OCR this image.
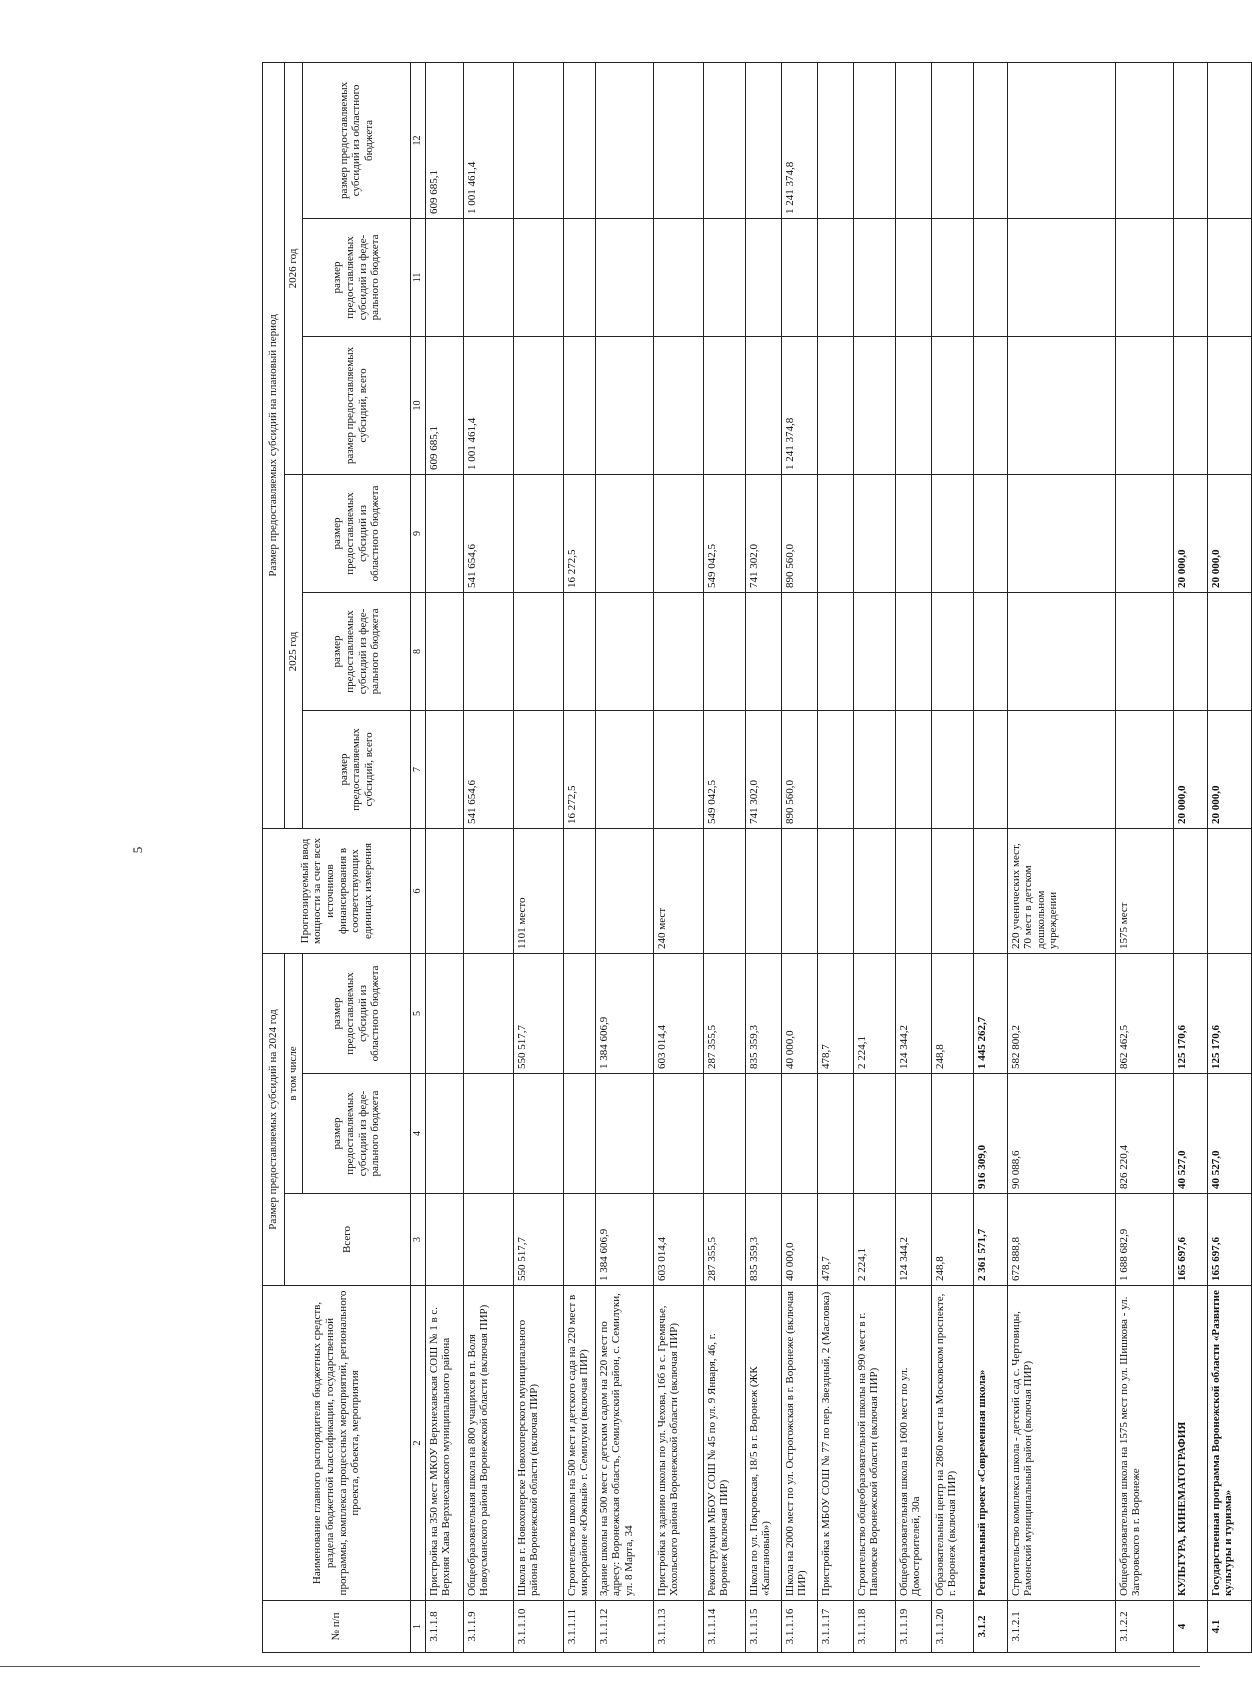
5
№ п/п	Наименование главного распорядителя бюджетных средств, раздела бюджетной классификации, государственной программы, комплекса процессных мероприятий, регионального проекта, объекта, мероприятия	Размер предоставляемых субсидий на 2024 год			Прогнозируемый ввод мощности за счет всех источников финансирования в соответствующих единицах измерения	Размер предоставляемых субсидий на плановый период					
		Всего	в том числе			2025 год			2026 год		
			размер предоставляемых субсидий из феде-рального бюджета	размер предоставляемых субсидий из областного бюджета		размер предоставляемых субсидий, всего	размер предоставляемых субсидий из феде-рального бюджета	размер предоставляемых субсидий из областного бюджета	размер предоставляемых субсидий, всего	размер предоставляемых субсидий из феде-рального бюджета	размер предоставляемых субсидий из областного бюджета
1	2	3	4	5	6	7	8	9	10	11	12
3.1.1.8	Пристройка на 350 мест МКОУ Верхнехавская СОШ № 1 в с. Верхняя Хава Верхнехавского муниципального района								609 685,1		609 685,1
3.1.1.9	Общеобразовательная школа на 800 учащихся в п. Воля Новоусманского района Воронежской области (включая ПИР)					541 654,6		541 654,6	1 001 461,4		1 001 461,4
3.1.1.10	Школа в г. Новохоперске Новохоперского муниципального района Воронежской области (включая ПИР)	550 517,7		550 517,7	1101 место						
3.1.1.11	Строительство школы на 500 мест и детского сада на 220 мест в микрорайоне «Южный» г. Семилуки (включая ПИР)					16 272,5		16 272,5			
3.1.1.12	Здание школы на 500 мест с детским садом на 220 мест по адресу: Воронежская область, Семилукский район, с. Семилуки, ул. 8 Марта, 34	1 384 606,9		1 384 606,9							
3.1.1.13	Пристройка к зданию школы по ул. Чехова, 16б в с. Гремячье, Хохольского района Воронежской области (включая ПИР)	603 014,4		603 014,4	240 мест						
3.1.1.14	Реконструкция МБОУ СОШ № 45 по ул. 9 Января, 46, г. Воронеж (включая ПИР)	287 355,5		287 355,5		549 042,5		549 042,5			
3.1.1.15	Школа по ул. Покровская, 18/5 в г. Воронеж (ЖК «Каштановый»)	835 359,3		835 359,3		741 302,0		741 302,0			
3.1.1.16	Школа на 2000 мест по ул. Острогожская в г. Воронеже (включая ПИР)	40 000,0		40 000,0		890 560,0		890 560,0	1 241 374,8		1 241 374,8
3.1.1.17	Пристройка к МБОУ СОШ № 77 по пер. Звездный, 2 (Масловка)	478,7		478,7							
3.1.1.18	Строительство общеобразовательной школы на 990 мест в г. Павловске Воронежской области (включая ПИР)	2 224,1		2 224,1							
3.1.1.19	Общеобразовательная школа на 1600 мест по ул. Домостроителей, 30а	124 344,2		124 344,2							
3.1.1.20	Образовательный центр на 2860 мест на Московском проспекте, г. Воронеж (включая ПИР)	248,8		248,8							
3.1.2	Региональный проект «Современная школа»	2 361 571,7	916 309,0	1 445 262,7							
3.1.2.1	Строительство комплекса школа - детский сад с. Чертовицы, Рамонский муниципальный район (включая ПИР)	672 888,8	90 088,6	582 800,2	220 ученических мест, 70 мест в детском дошкольном учреждении						
3.1.2.2	Общеобразовательная школа на 1575 мест по ул. Шишкова - ул. Загоровского в г. Воронеже	1 688 682,9	826 220,4	862 462,5	1575 мест						
4	КУЛЬТУРА, КИНЕМАТОГРАФИЯ	165 697,6	40 527,0	125 170,6		20 000,0		20 000,0			
4.1	Государственная программа Воронежской области «Развитие культуры и туризма»	165 697,6	40 527,0	125 170,6		20 000,0		20 000,0			
